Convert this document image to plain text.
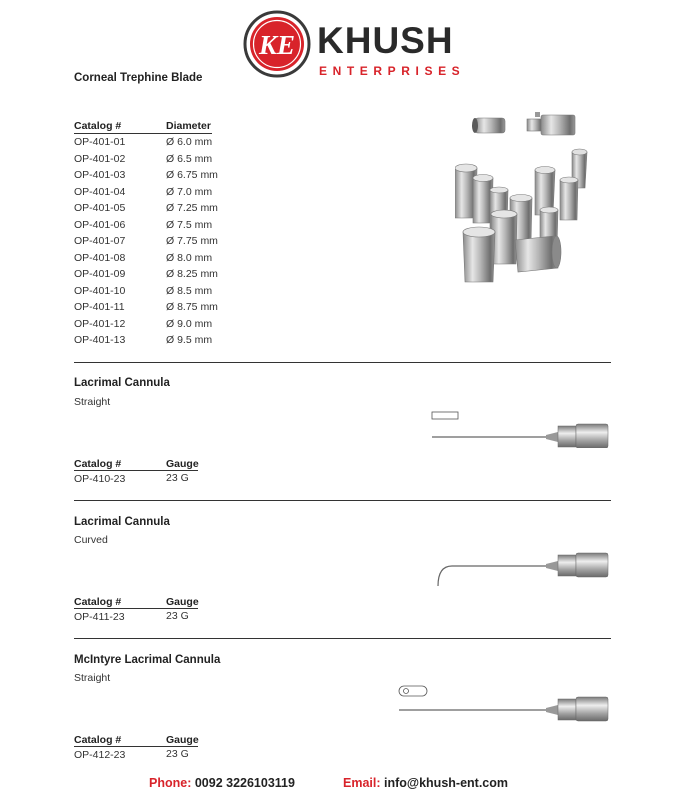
KE KHUSH
ENTERPRISES
Corneal Trephine Blade
Catalog #	Diameter
OP-401-01	Ø 6.0 mm
OP-401-02	Ø 6.5 mm
OP-401-03	Ø 6.75 mm
OP-401-04	Ø 7.0 mm
OP-401-05	Ø 7.25 mm
OP-401-06	Ø 7.5 mm
OP-401-07	Ø 7.75 mm
OP-401-08	Ø 8.0 mm
OP-401-09	Ø 8.25 mm
OP-401-10	Ø 8.5 mm
OP-401-11	Ø 8.75 mm
OP-401-12	Ø 9.0 mm
OP-401-13	Ø 9.5 mm
Lacrimal Cannula
Straight
Catalog #	Gauge
OP-410-23	23 G
Lacrimal Cannula
Curved
Catalog #	Gauge
OP-411-23	23 G
McIntyre Lacrimal Cannula
Straight
Catalog #	Gauge
OP-412-23	23 G
Phone: 0092 3226103119	Email: info@khush-ent.com
